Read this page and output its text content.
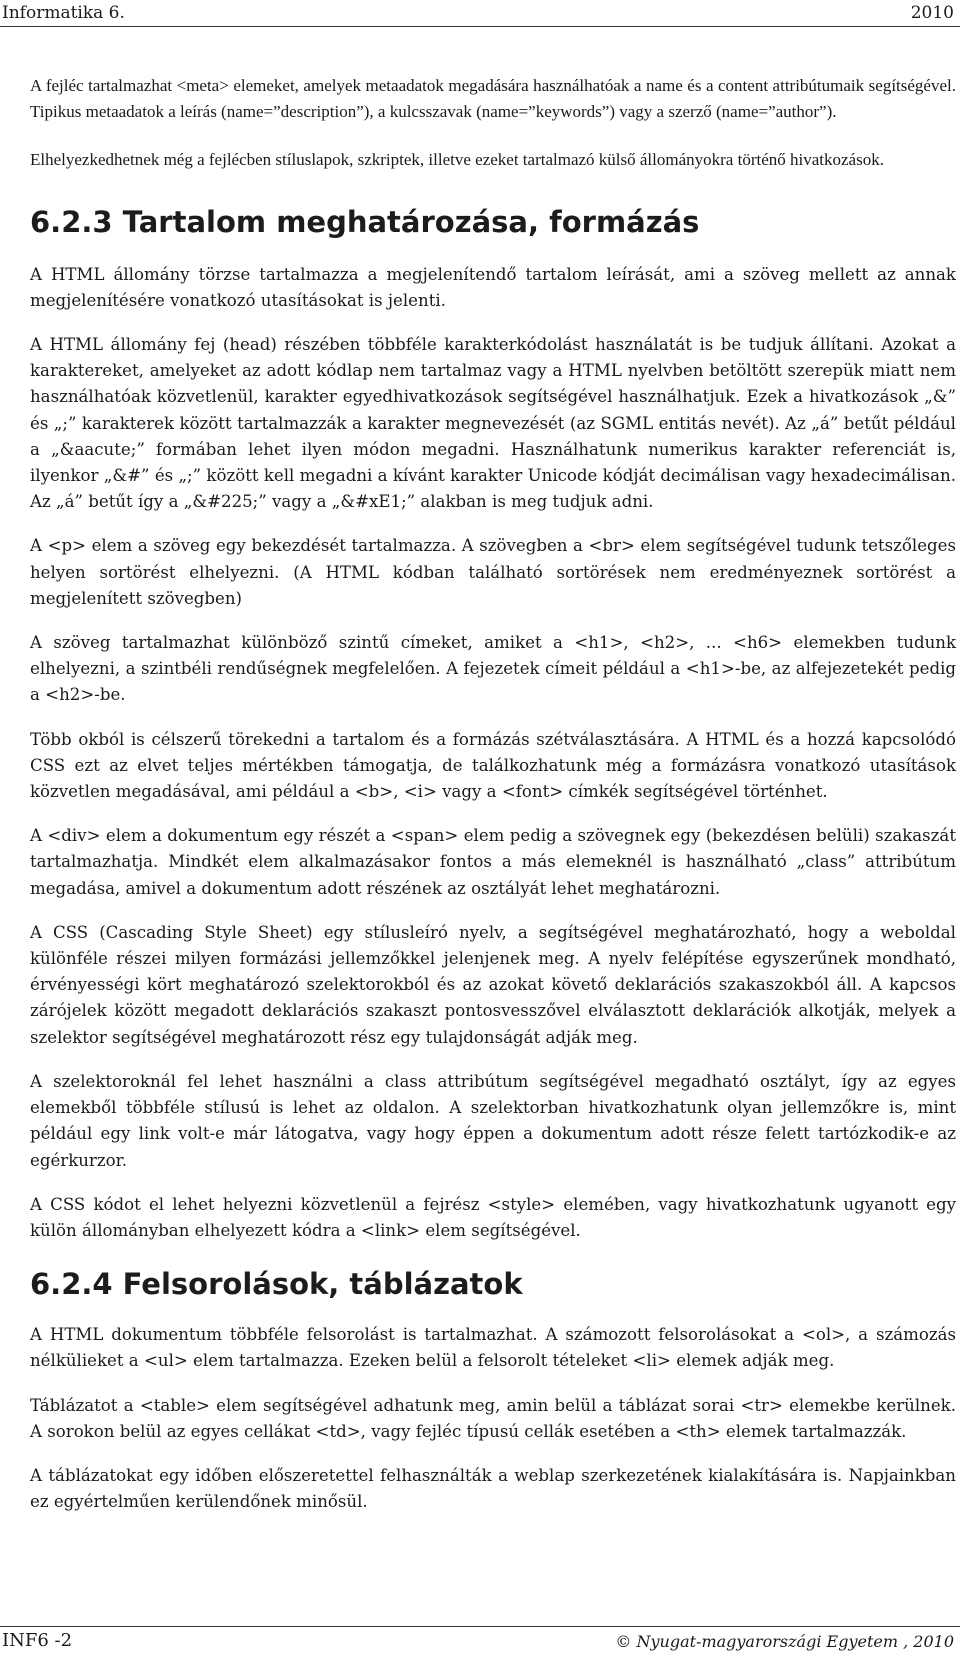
Informatika 6.	2010

A fejléc tartalmazhat <meta> elemeket, amelyek metaadatok megadására használhatóak a name és a content attribútumaik segítségével. Tipikus metaadatok a leírás (name=”description”), a kulcsszavak (name=”keywords”) vagy a szerző (name=”author”).

Elhelyezkedhetnek még a fejlécben stíluslapok, szkriptek, illetve ezeket tartalmazó külső állományokra történő hivatkozások.

6.2.3 Tartalom meghatározása, formázás

A HTML állomány törzse tartalmazza a megjelenítendő tartalom leírását, ami a szöveg mellett az annak megjelenítésére vonatkozó utasításokat is jelenti.

A HTML állomány fej (head) részében többféle karakterkódolást használatát is be tudjuk állítani. Azokat a karaktereket, amelyeket az adott kódlap nem tartalmaz vagy a HTML nyelvben betöltött szerepük miatt nem használhatóak közvetlenül, karakter egyedhivatkozások segítségével használhatjuk. Ezek a hivatkozások „&” és „;” karakterek között tartalmazzák a karakter megnevezését (az SGML entitás nevét). Az „á” betűt például a „&aacute;” formában lehet ilyen módon megadni. Használhatunk numerikus karakter referenciát is, ilyenkor „&#” és „;” között kell megadni a kívánt karakter Unicode kódját decimálisan vagy hexadecimálisan. Az „á” betűt így a „&#225;” vagy a „&#xE1;” alakban is meg tudjuk adni.

A <p> elem a szöveg egy bekezdését tartalmazza. A szövegben a <br> elem segítségével tudunk tetszőleges helyen sortörést elhelyezni. (A HTML kódban található sortörések nem eredményeznek sortörést a megjelenített szövegben)

A szöveg tartalmazhat különböző szintű címeket, amiket a <h1>, <h2>, ... <h6> elemekben tudunk elhelyezni, a szintbéli rendűségnek megfelelően. A fejezetek címeit például a <h1>-be, az alfejezetekét pedig a <h2>-be.

Több okból is célszerű törekedni a tartalom és a formázás szétválasztására. A HTML és a hozzá kapcsolódó CSS ezt az elvet teljes mértékben támogatja, de találkozhatunk még a formázásra vonatkozó utasítások közvetlen megadásával, ami például a <b>, <i> vagy a <font> címkék segítségével történhet.

A <div> elem a dokumentum egy részét a <span> elem pedig a szövegnek egy (bekezdésen belüli) szakaszát tartalmazhatja. Mindkét elem alkalmazásakor fontos a más elemeknél is használható „class” attribútum megadása, amivel a dokumentum adott részének az osztályát lehet meghatározni.

A CSS (Cascading Style Sheet) egy stílusleíró nyelv, a segítségével meghatározható, hogy a weboldal különféle részei milyen formázási jellemzőkkel jelenjenek meg. A nyelv felépítése egyszerűnek mondható, érvényességi kört meghatározó szelektorokból és az azokat követő deklarációs szakaszokból áll. A kapcsos zárójelek között megadott deklarációs szakaszt pontosvesszővel elválasztott deklarációk alkotják, melyek a szelektor segítségével meghatározott rész egy tulajdonságát adják meg.

A szelektoroknál fel lehet használni a class attribútum segítségével megadható osztályt, így az egyes elemekből többféle stílusú is lehet az oldalon. A szelektorban hivatkozhatunk olyan jellemzőkre is, mint például egy link volt-e már látogatva, vagy hogy éppen a dokumentum adott része felett tartózkodik-e az egérkurzor.

A CSS kódot el lehet helyezni közvetlenül a fejrész <style> elemében, vagy hivatkozhatunk ugyanott egy külön állományban elhelyezett kódra a <link> elem segítségével.

6.2.4 Felsorolások, táblázatok

A HTML dokumentum többféle felsorolást is tartalmazhat. A számozott felsorolásokat a <ol>, a számozás nélkülieket a <ul> elem tartalmazza. Ezeken belül a felsorolt tételeket <li> elemek adják meg.

Táblázatot a <table> elem segítségével adhatunk meg, amin belül a táblázat sorai <tr> elemekbe kerülnek. A sorokon belül az egyes cellákat <td>, vagy fejléc típusú cellák esetében a <th> elemek tartalmazzák.

A táblázatokat egy időben előszeretettel felhasználták a weblap szerkezetének kialakítására is. Napjainkban ez egyértelműen kerülendőnek minősül.

INF6 -2	© Nyugat-magyarországi Egyetem , 2010
